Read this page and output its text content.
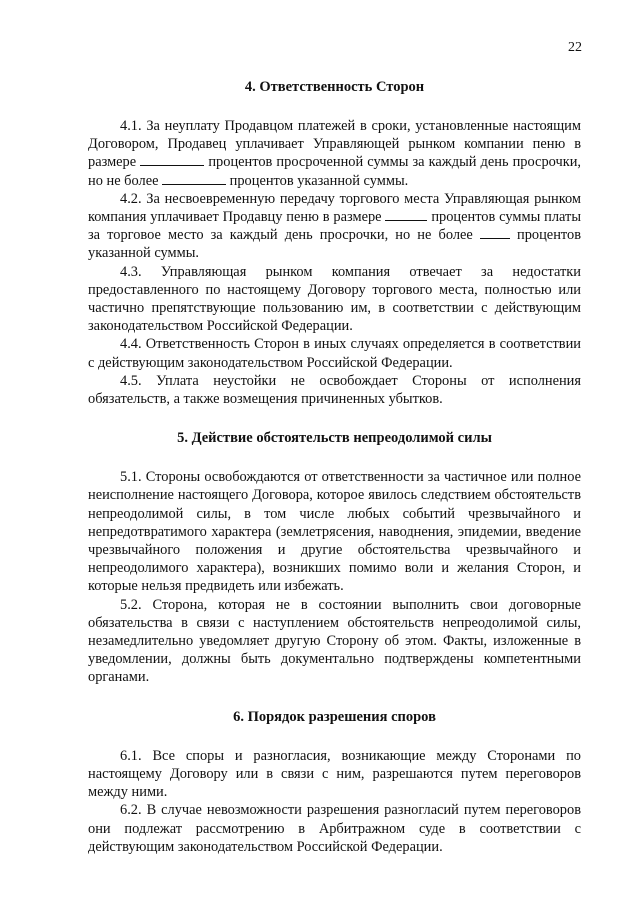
22
4. Ответственность Сторон

4.1. За неуплату Продавцом платежей в сроки, установленные настоящим Договором, Продавец уплачивает Управляющей рынком компании пеню в размере	процентов просроченной суммы за каждый день просрочки, но не более	процентов указанной суммы.

4.2. За несвоевременную передачу торгового места Управляющая рынком компания уплачивает Продавцу пеню в размере	процентов суммы платы за торговое место за каждый день просрочки, но не более  процентов указанной суммы.

4.3. Управляющая рынком компания отвечает за недостатки предоставленного по настоящему Договору торгового места, полностью или частично препятствующие пользованию им, в соответствии с действующим законодательством Российской Федерации.

4.4. Ответственность Сторон в иных случаях определяется в соответствии с действующим законодательством Российской Федерации.

4.5. Уплата неустойки не освобождает Стороны от исполнения обязательств, а также возмещения причиненных убытков.

5. Действие обстоятельств непреодолимой силы

5.1. Стороны освобождаются от ответственности за частичное или полное неисполнение настоящего Договора, которое явилось следствием обстоятельств непреодолимой силы, в том числе любых событий чрезвычайного и непредотвратимого характера (землетрясения, наводнения, эпидемии, введение чрезвычайного положения и другие обстоятельства чрезвычайного и непреодолимого характера), возникших помимо воли и желания Сторон, и которые нельзя предвидеть или избежать.

5.2. Сторона, которая не в состоянии выполнить свои договорные обязательства в связи с наступлением обстоятельств непреодолимой силы, незамедлительно уведомляет другую Сторону об этом. Факты, изложенные в уведомлении, должны быть документально подтверждены компетентными органами.

6. Порядок разрешения споров

6.1. Все споры и разногласия, возникающие между Сторонами по настоящему Договору или в связи с ним, разрешаются путем переговоров между ними.

6.2. В случае невозможности разрешения разногласий путем переговоров они подлежат рассмотрению в Арбитражном суде в соответствии с действующим законодательством Российской Федерации.
